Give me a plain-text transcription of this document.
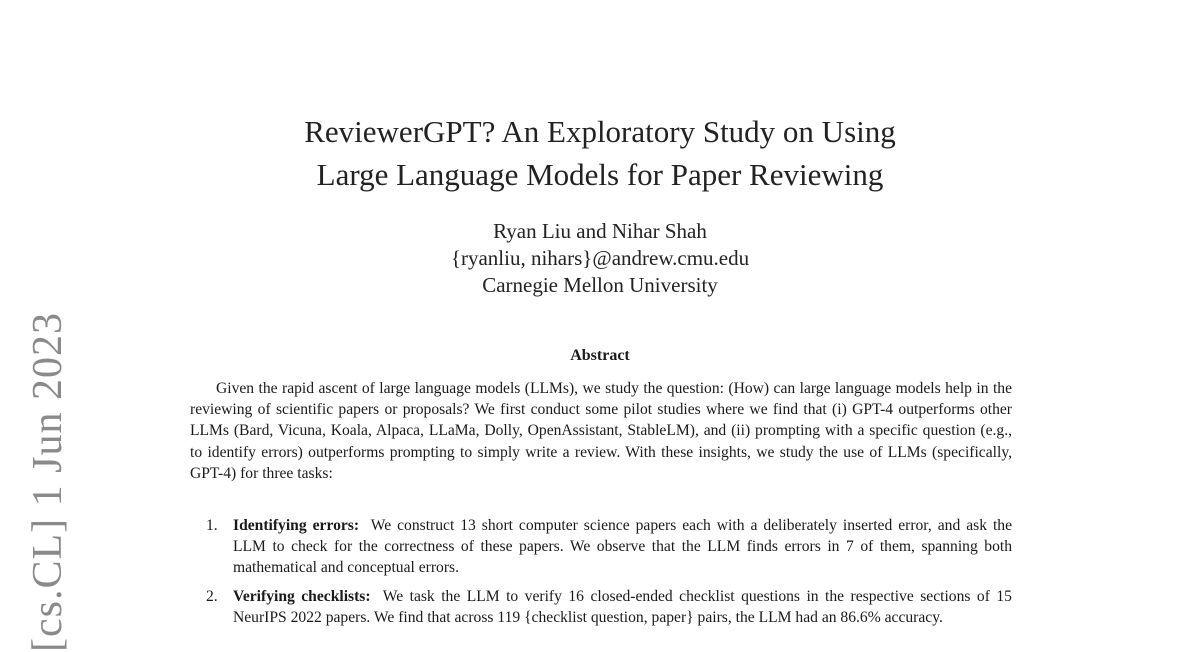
[cs.CL] 1 Jun 2023
ReviewerGPT? An Exploratory Study on Using
Large Language Models for Paper Reviewing
Ryan Liu and Nihar Shah
{ryanliu, nihars}@andrew.cmu.edu
Carnegie Mellon University
Abstract
Given the rapid ascent of large language models (LLMs), we study the question: (How) can large language models help in the reviewing of scientific papers or proposals? We first conduct some pilot studies where we find that (i) GPT-4 outperforms other LLMs (Bard, Vicuna, Koala, Alpaca, LLaMa, Dolly, OpenAssistant, StableLM), and (ii) prompting with a specific question (e.g., to identify errors) outperforms prompting to simply write a review. With these insights, we study the use of LLMs (specifically, GPT-4) for three tasks:
1. Identifying errors: We construct 13 short computer science papers each with a deliberately inserted error, and ask the LLM to check for the correctness of these papers. We observe that the LLM finds errors in 7 of them, spanning both mathematical and conceptual errors.
2. Verifying checklists: We task the LLM to verify 16 closed-ended checklist questions in the respective sections of 15 NeurIPS 2022 papers. We find that across 119 {checklist question, paper} pairs, the LLM had an 86.6% accuracy.
